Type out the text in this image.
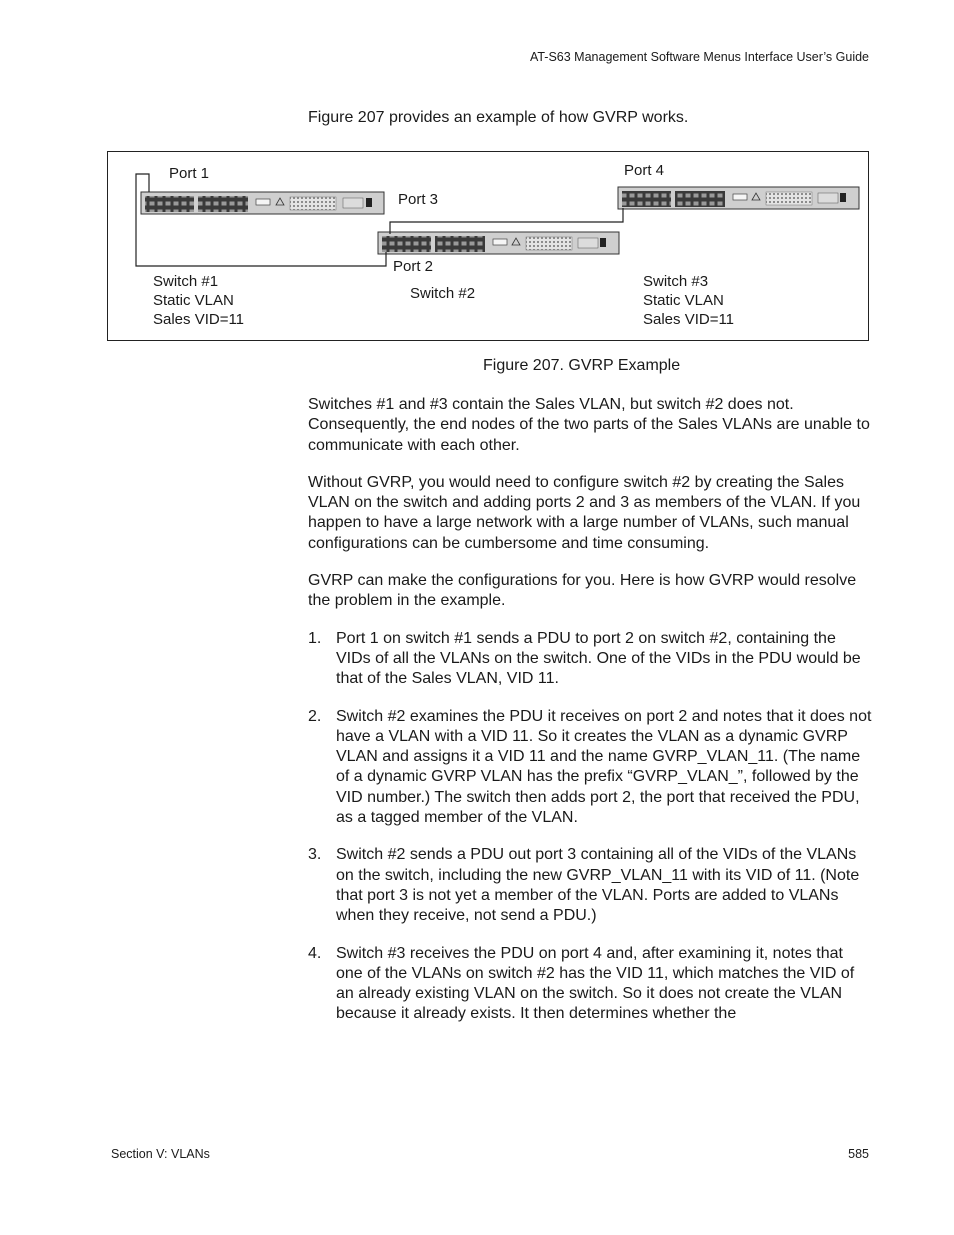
AT-S63 Management Software Menus Interface User’s Guide
Figure 207 provides an example of how GVRP works.
Port 1
Port 3
Port 4
Port 2
Switch #1
Static VLAN
Sales VID=11
Switch #2
Switch #3
Static VLAN
Sales VID=11
Figure 207. GVRP Example

Switches #1 and #3 contain the Sales VLAN, but switch #2 does not. Consequently, the end nodes of the two parts of the Sales VLANs are unable to communicate with each other.

Without GVRP, you would need to configure switch #2 by creating the Sales VLAN on the switch and adding ports 2 and 3 as members of the VLAN. If you happen to have a large network with a large number of VLANs, such manual configurations can be cumbersome and time consuming.

GVRP can make the configurations for you. Here is how GVRP would resolve the problem in the example.

1. Port 1 on switch #1 sends a PDU to port 2 on switch #2, containing the VIDs of all the VLANs on the switch. One of the VIDs in the PDU would be that of the Sales VLAN, VID 11.
2. Switch #2 examines the PDU it receives on port 2 and notes that it does not have a VLAN with a VID 11. So it creates the VLAN as a dynamic GVRP VLAN and assigns it a VID 11 and the name GVRP_VLAN_11. (The name of a dynamic GVRP VLAN has the prefix “GVRP_VLAN_”, followed by the VID number.) The switch then adds port 2, the port that received the PDU, as a tagged member of the VLAN.
3. Switch #2 sends a PDU out port 3 containing all of the VIDs of the VLANs on the switch, including the new GVRP_VLAN_11 with its VID of 11. (Note that port 3 is not yet a member of the VLAN. Ports are added to VLANs when they receive, not send a PDU.)
4. Switch #3 receives the PDU on port 4 and, after examining it, notes that one of the VLANs on switch #2 has the VID 11, which matches the VID of an already existing VLAN on the switch. So it does not create the VLAN because it already exists. It then determines whether the
Section V: VLANs	585
